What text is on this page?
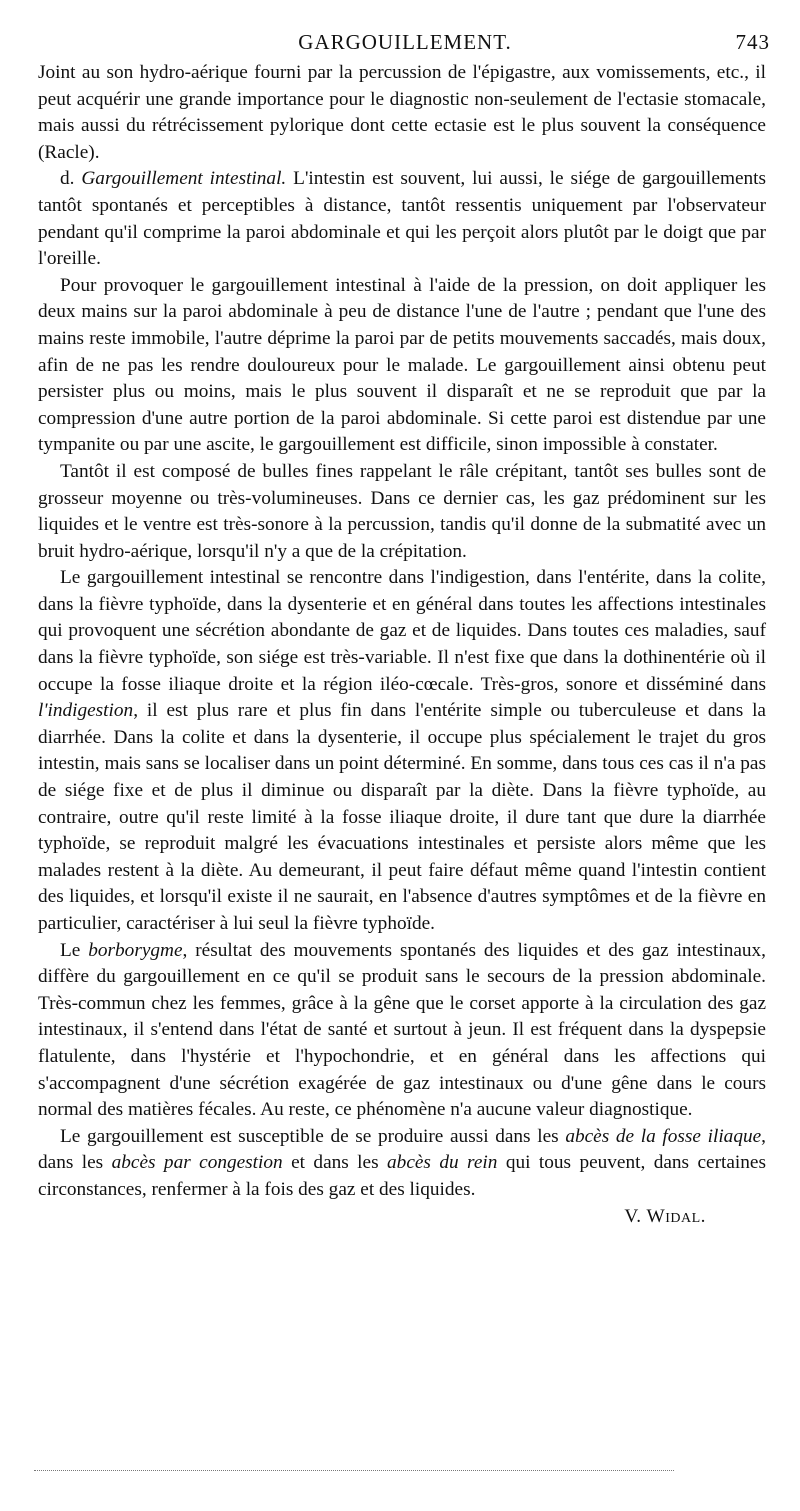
GARGOUILLEMENT.	743

Joint au son hydro-aérique fourni par la percussion de l'épigastre, aux vomissements, etc., il peut acquérir une grande importance pour le diagnostic non-seulement de l'ectasie stomacale, mais aussi du rétrécissement pylorique dont cette ectasie est le plus souvent la conséquence (Racle).

d. Gargouillement intestinal. L'intestin est souvent, lui aussi, le siége de gargouillements tantôt spontanés et perceptibles à distance, tantôt ressentis uniquement par l'observateur pendant qu'il comprime la paroi abdominale et qui les perçoit alors plutôt par le doigt que par l'oreille.

Pour provoquer le gargouillement intestinal à l'aide de la pression, on doit appliquer les deux mains sur la paroi abdominale à peu de distance l'une de l'autre ; pendant que l'une des mains reste immobile, l'autre déprime la paroi par de petits mouvements saccadés, mais doux, afin de ne pas les rendre douloureux pour le malade. Le gargouillement ainsi obtenu peut persister plus ou moins, mais le plus souvent il disparaît et ne se reproduit que par la compression d'une autre portion de la paroi abdominale. Si cette paroi est distendue par une tympanite ou par une ascite, le gargouillement est difficile, sinon impossible à constater.

Tantôt il est composé de bulles fines rappelant le râle crépitant, tantôt ses bulles sont de grosseur moyenne ou très-volumineuses. Dans ce dernier cas, les gaz prédominent sur les liquides et le ventre est très-sonore à la percussion, tandis qu'il donne de la submatité avec un bruit hydro-aérique, lorsqu'il n'y a que de la crépitation.

Le gargouillement intestinal se rencontre dans l'indigestion, dans l'entérite, dans la colite, dans la fièvre typhoïde, dans la dysenterie et en général dans toutes les affections intestinales qui provoquent une sécrétion abondante de gaz et de liquides. Dans toutes ces maladies, sauf dans la fièvre typhoïde, son siége est très-variable. Il n'est fixe que dans la dothinentérie où il occupe la fosse iliaque droite et la région iléo-cœcale. Très-gros, sonore et disséminé dans l'indigestion, il est plus rare et plus fin dans l'entérite simple ou tuberculeuse et dans la diarrhée. Dans la colite et dans la dysenterie, il occupe plus spécialement le trajet du gros intestin, mais sans se localiser dans un point déterminé. En somme, dans tous ces cas il n'a pas de siége fixe et de plus il diminue ou disparaît par la diète. Dans la fièvre typhoïde, au contraire, outre qu'il reste limité à la fosse iliaque droite, il dure tant que dure la diarrhée typhoïde, se reproduit malgré les évacuations intestinales et persiste alors même que les malades restent à la diète. Au demeurant, il peut faire défaut même quand l'intestin contient des liquides, et lorsqu'il existe il ne saurait, en l'absence d'autres symptômes et de la fièvre en particulier, caractériser à lui seul la fièvre typhoïde.

Le borborygme, résultat des mouvements spontanés des liquides et des gaz intestinaux, diffère du gargouillement en ce qu'il se produit sans le secours de la pression abdominale. Très-commun chez les femmes, grâce à la gêne que le corset apporte à la circulation des gaz intestinaux, il s'entend dans l'état de santé et surtout à jeun. Il est fréquent dans la dyspepsie flatulente, dans l'hystérie et l'hypochondrie, et en général dans les affections qui s'accompagnent d'une sécrétion exagérée de gaz intestinaux ou d'une gêne dans le cours normal des matières fécales. Au reste, ce phénomène n'a aucune valeur diagnostique.

Le gargouillement est susceptible de se produire aussi dans les abcès de la fosse iliaque, dans les abcès par congestion et dans les abcès du rein qui tous peuvent, dans certaines circonstances, renfermer à la fois des gaz et des liquides.

V. Widal.
